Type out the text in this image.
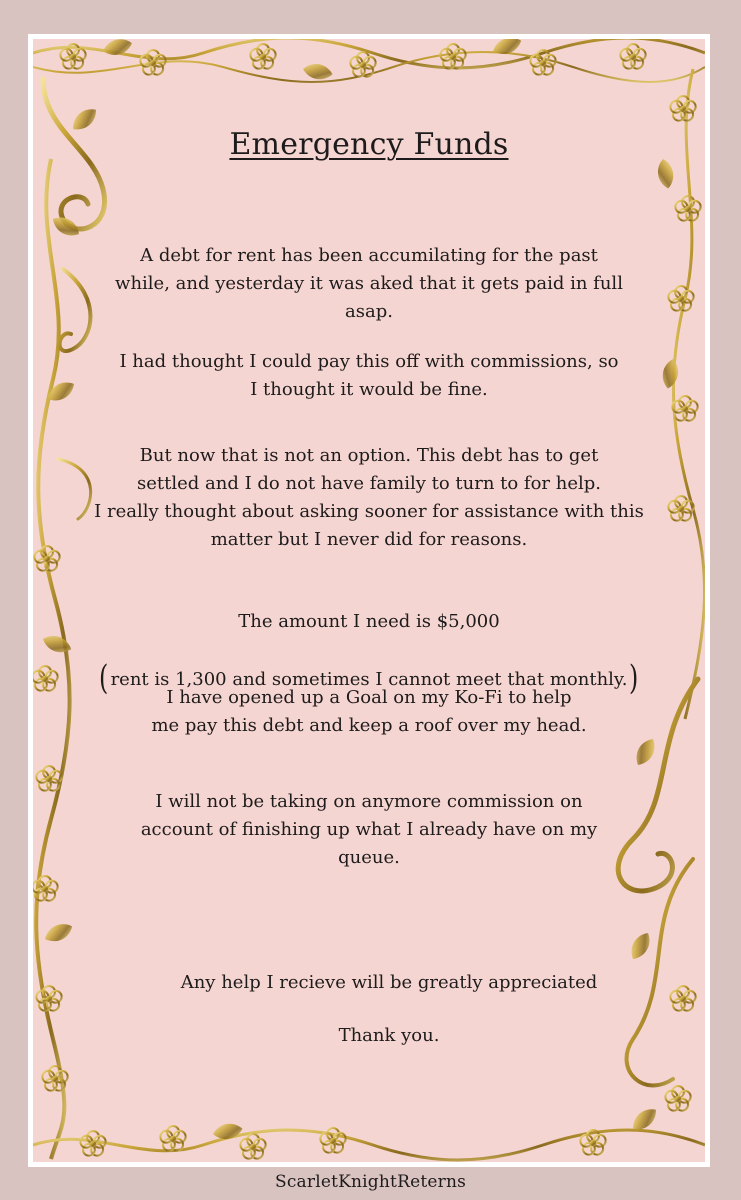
Emergency Funds

A debt for rent has been accumilating for the past
while, and yesterday it was aked that it gets paid in full
asap.

I had thought I could pay this off with commissions, so
I thought it would be fine.

But now that is not an option. This debt has to get
settled and I do not have family to turn to for help.
I really thought about asking sooner for assistance with this
matter but I never did for reasons.

The amount I need is $5,000

( rent is 1,300 and sometimes I cannot meet that monthly.)

I have opened up a Goal on my Ko-Fi to help
me pay this debt and keep a roof over my head.

I will not be taking on anymore commission on
account of finishing up what I already have on my
queue.

Any help I recieve will be greatly appreciated

Thank you.

ScarletKnightReterns
